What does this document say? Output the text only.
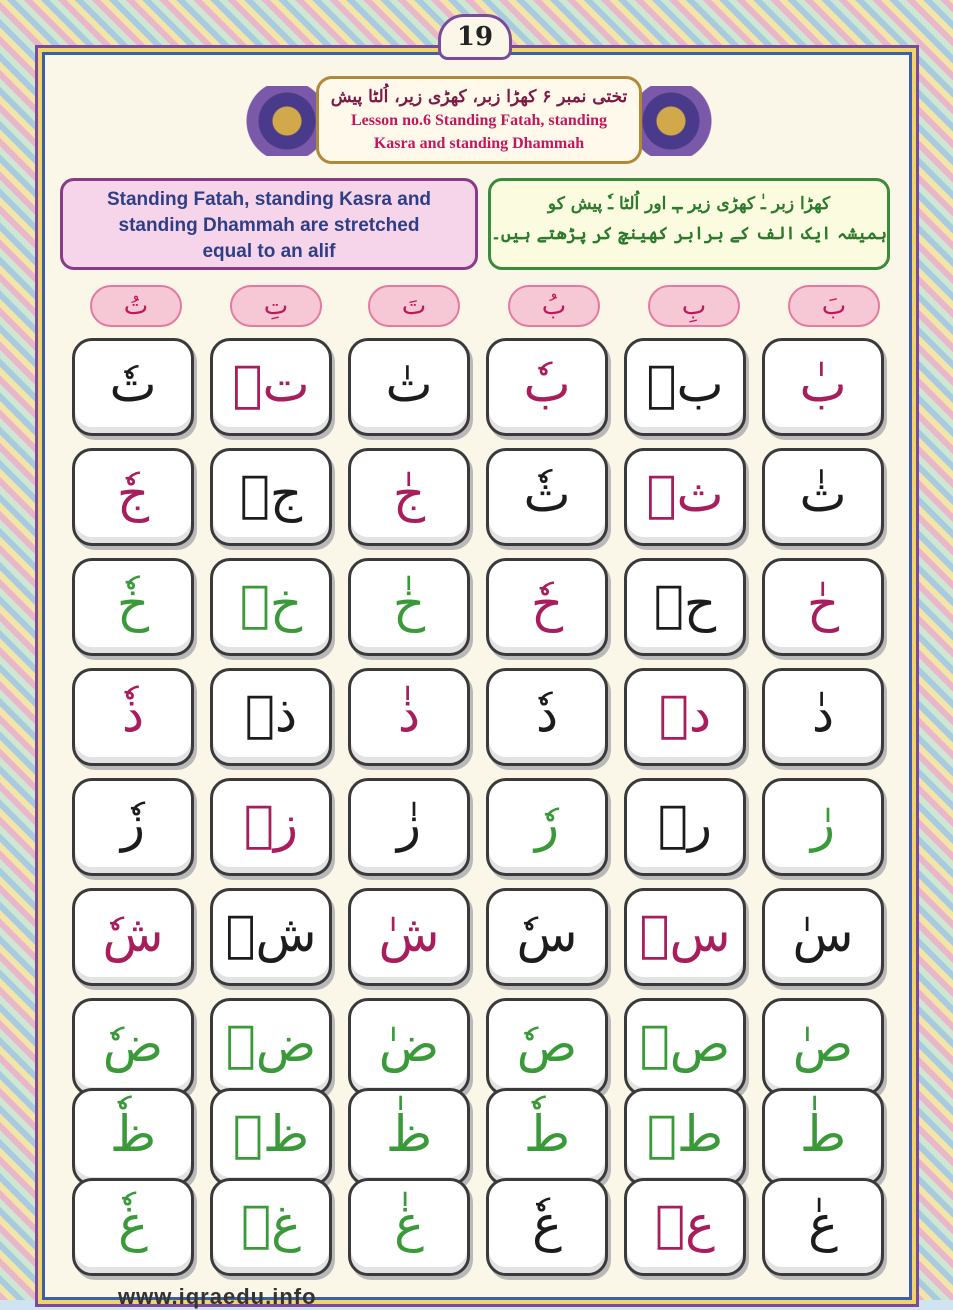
19
تختی نمبر ۶ کھڑا زبر، کھڑی زیر، اُلٹا پیش
Lesson no.6 Standing Fatah, standing
Kasra and standing Dhammah
Standing Fatah, standing Kasra and
standing Dhammah are stretched
equal to an alif
کھڑا زبر ـٰ کھڑی زیر ـٖ اور اُلٹا ـٗ پیش کو
ہمیشہ ایک الف کے برابر کھینچ کر پڑھتے ہیں۔
بَ
بِ
بُ
تَ
تِ
تُ
بٰ
بٖ
بٗ
تٰ
تٖ
تٗ
ثٰ
ثٖ
ثٗ
جٰ
جٖ
جٗ
حٰ
حٖ
حٗ
خٰ
خٖ
خٗ
دٰ
دٖ
دٗ
ذٰ
ذٖ
ذٗ
رٰ
رٖ
رٗ
زٰ
زٖ
زٗ
سٰ
سٖ
سٗ
شٰ
شٖ
شٗ
صٰ
صٖ
صٗ
ضٰ
ضٖ
ضٗ
طٰ
طٖ
طٗ
ظٰ
ظٖ
ظٗ
عٰ
عٖ
عٗ
غٰ
غٖ
غٗ
www.iqraedu.info
